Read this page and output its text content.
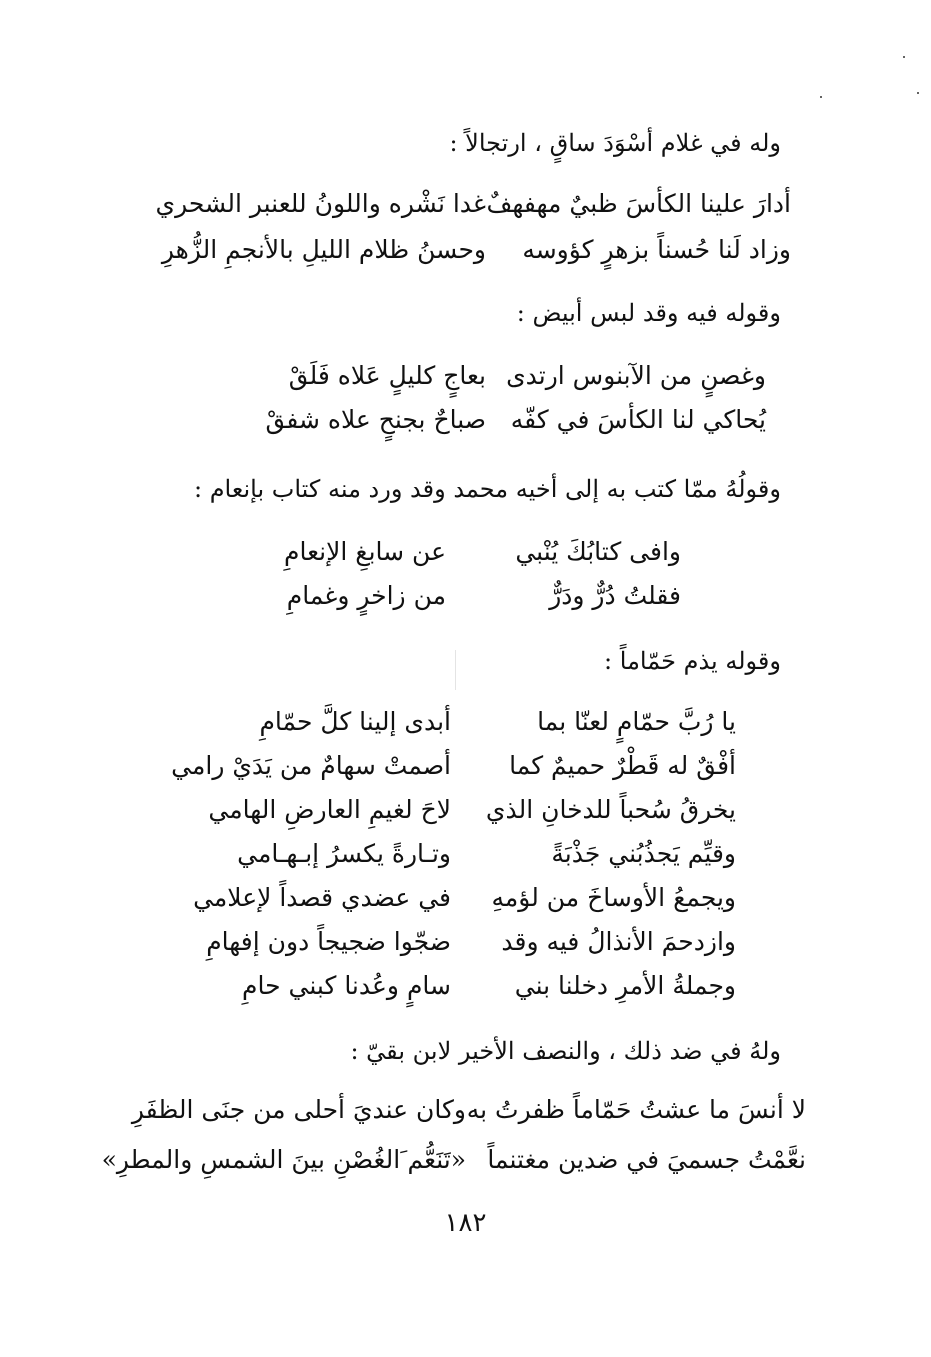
وله في غلام أسْوَدَ ساقٍ ، ارتجالاً :
أدارَ علينا الكأسَ ظبيٌ مهفهفٌ
غدا نَشْره واللونُ للعنبر الشحري
وزاد لَنا حُسناً بزهرٍ كؤوسه
وحسنُ ظلام الليلِ بالأنجمِ الزُّهرِ
وقوله فيه وقد لبس أبيض :
وغصنٍ من الآبنوس ارتدى
بعاجٍ كليلٍ عَلاه فَلَقْ
يُحاكي لنا الكأسَ في كفّه
صباحٌ بجنحٍ علاه شفقْ
وقولُهُ ممّا كتب به إلى أخيه محمد وقد ورد منه كتاب بإنعام :
وافى كتابُكَ يُنْبي
عن سابغِ الإنعامِ
فقلتُ دُرٌّ ودَرٌّ
من زاخرٍ وغمامِ
وقوله يذم حَمّاماً :
يا رُبَّ حمّامٍ لعنّا بما
أبدى إلينا كلَّ حمّامِ
أفْقٌ له قَطْرٌ حميمٌ كما
أصمتْ سهامٌ من يَدَيْ رامي
يخرقُ سُحباً للدخانِ الذي
لاحَ لغيمِ العارضِ الهامي
وقيِّم يَجذُبُني جَذْبَةً
وتـارةً يكسرُ إبـهـامي
ويجمعُ الأوساخَ من لؤمهِ
في عضدي قصداً لإعلامي
وازدحمَ الأنذالُ فيه وقد
ضجّوا ضجيجاً دون إفهامِ
وجملةُ الأمرِ دخلنا بني
سامٍ وعُدنا كبني حامِ
ولهُ في ضد ذلك ، والنصف الأخير لابن بقيّ :
لا أنسَ ما عشتُ حَمّاماً ظفرتُ به
وكان عنديَ أحلى من جنَى الظفَرِ
نعَّمْتُ جسميَ في ضدين مغتنماً
«تَنَعُّم َالغُصْنِ بينَ الشمسِ والمطرِ»
١٨٢
